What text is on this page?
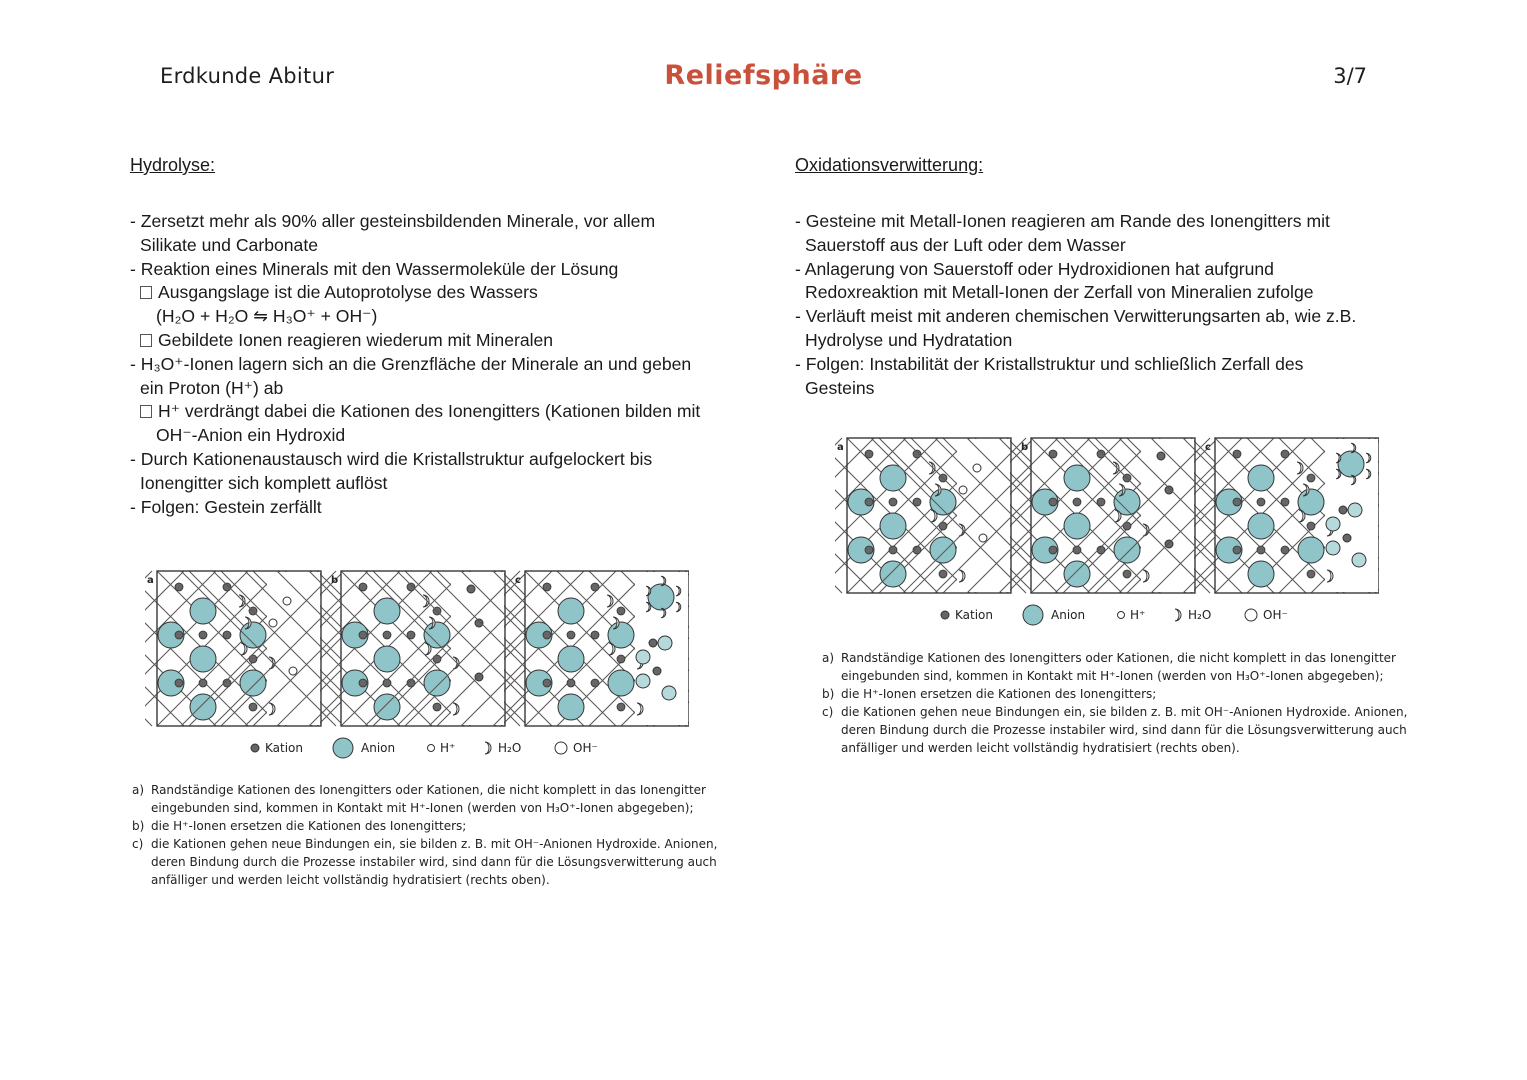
Erdkunde Abitur	Reliefsphäre	3/7
Hydrolyse:
- Zersetzt mehr als 90% aller gesteinsbildenden Minerale, vor allem
Silikate und Carbonate
- Reaktion eines Minerals mit den Wassermoleküle der Lösung
Ausgangslage ist die Autoprotolyse des Wassers
(H₂O + H₂O ⇋ H₃O⁺ + OH⁻)
Gebildete Ionen reagieren wiederum mit Mineralen
- H₃O⁺-Ionen lagern sich an die Grenzfläche der Minerale an und geben
ein Proton (H⁺) ab
H⁺ verdrängt dabei die Kationen des Ionengitters (Kationen bilden mit
OH⁻-Anion ein Hydroxid
- Durch Kationenaustausch wird die Kristallstruktur aufgelockert bis
Ionengitter sich komplett auflöst
- Folgen: Gestein zerfällt
Oxidationsverwitterung:
- Gesteine mit Metall-Ionen reagieren am Rande des Ionengitters mit
Sauerstoff aus der Luft oder dem Wasser
- Anlagerung von Sauerstoff oder Hydroxidionen hat aufgrund
Redoxreaktion mit Metall-Ionen der Zerfall von Mineralien zufolge
- Verläuft meist mit anderen chemischen Verwitterungsarten ab, wie z.B.
Hydrolyse und Hydratation
- Folgen: Instabilität der Kristallstruktur und schließlich Zerfall des
Gesteins
a	b	c
Kation	Anion	H⁺	H₂O	OH⁻
a	b	c
Kation	Anion	H⁺	H₂O	OH⁻
a) Randständige Kationen des Ionengitters oder Kationen, die nicht komplett in das Ionengitter
eingebunden sind, kommen in Kontakt mit H⁺-Ionen (werden von H₃O⁺-Ionen abgegeben);
b) die H⁺-Ionen ersetzen die Kationen des Ionengitters;
c) die Kationen gehen neue Bindungen ein, sie bilden z. B. mit OH⁻-Anionen Hydroxide. Anionen,
deren Bindung durch die Prozesse instabiler wird, sind dann für die Lösungsverwitterung auch
anfälliger und werden leicht vollständig hydratisiert (rechts oben).
a) Randständige Kationen des Ionengitters oder Kationen, die nicht komplett in das Ionengitter
eingebunden sind, kommen in Kontakt mit H⁺-Ionen (werden von H₃O⁺-Ionen abgegeben);
b) die H⁺-Ionen ersetzen die Kationen des Ionengitters;
c) die Kationen gehen neue Bindungen ein, sie bilden z. B. mit OH⁻-Anionen Hydroxide. Anionen,
deren Bindung durch die Prozesse instabiler wird, sind dann für die Lösungsverwitterung auch
anfälliger und werden leicht vollständig hydratisiert (rechts oben).
